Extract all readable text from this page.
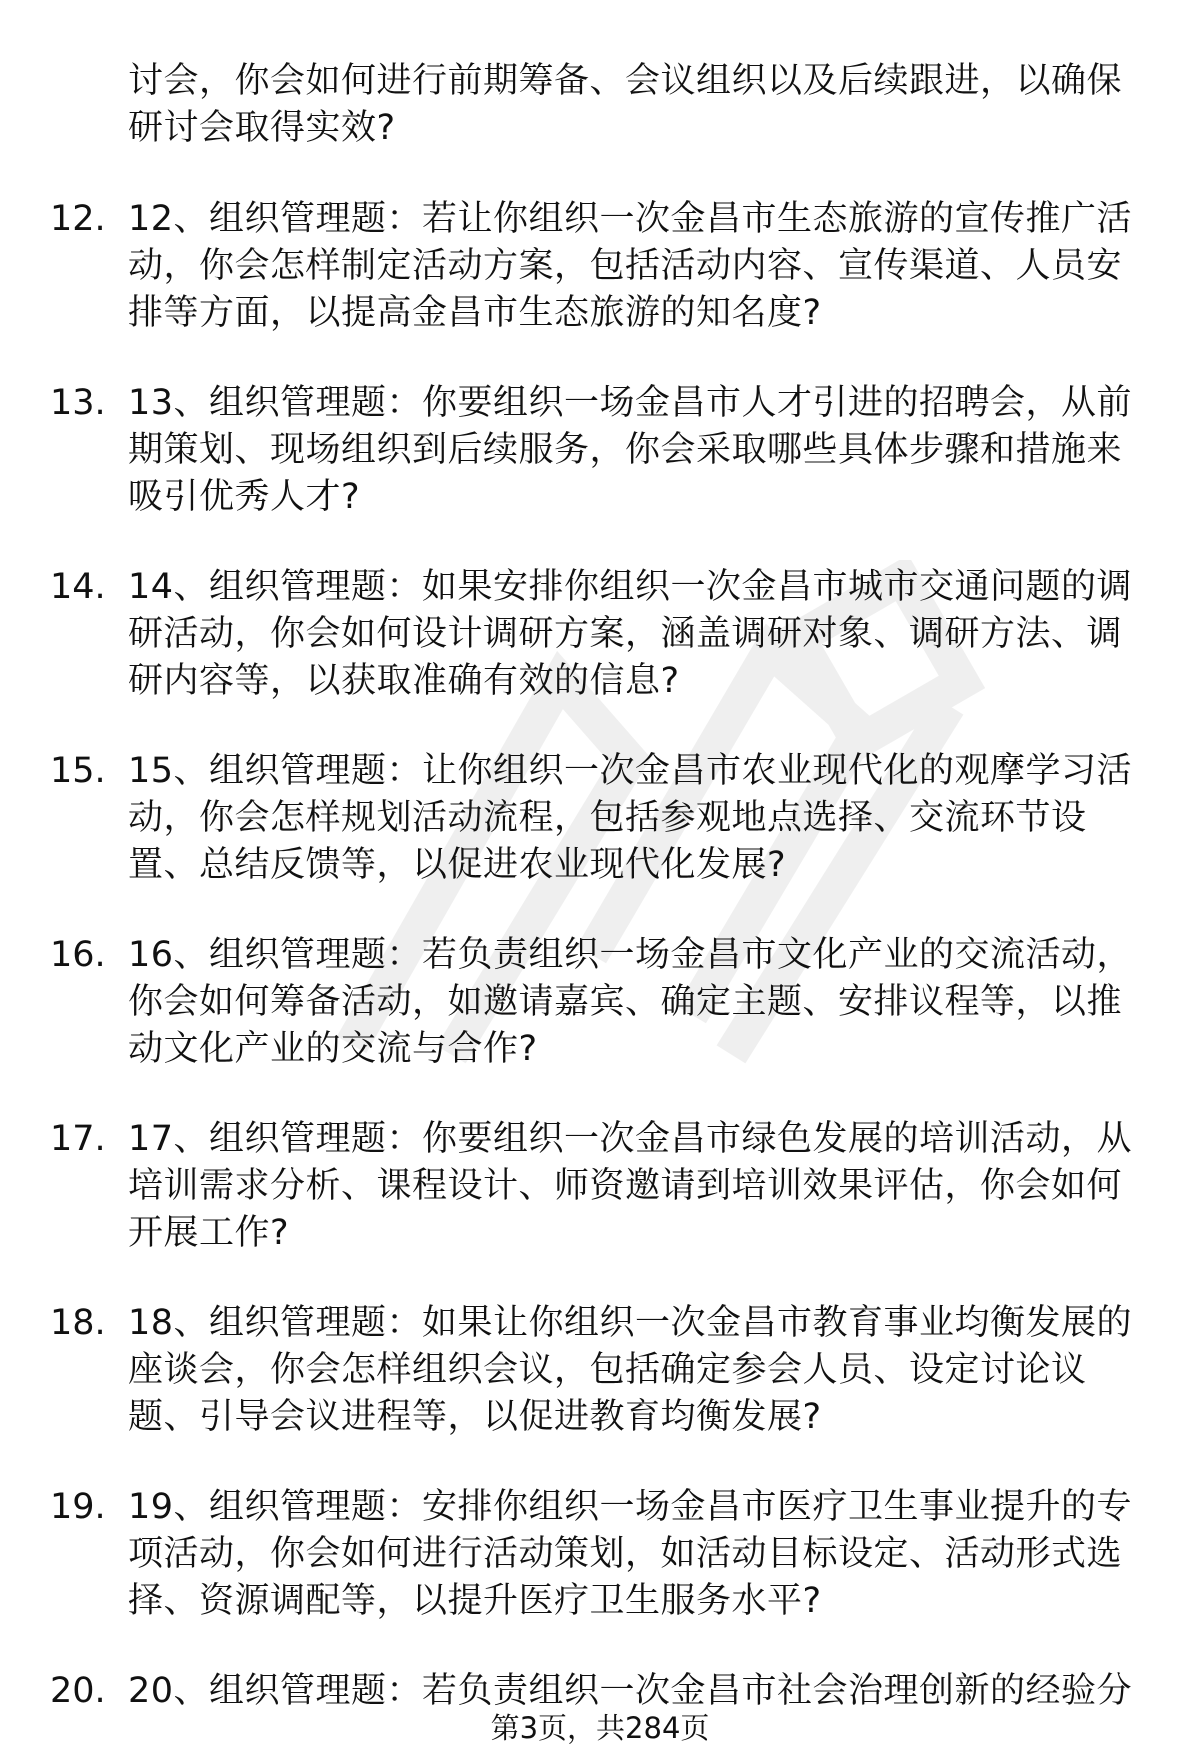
讨会，你会如何进行前期筹备、会议组织以及后续跟进，以确保研讨会取得实效?
12. 12、组织管理题：若让你组织一次金昌市生态旅游的宣传推广活动，你会怎样制定活动方案，包括活动内容、宣传渠道、人员安排等方面，以提高金昌市生态旅游的知名度?
13. 13、组织管理题：你要组织一场金昌市人才引进的招聘会，从前期策划、现场组织到后续服务，你会采取哪些具体步骤和措施来吸引优秀人才?
14. 14、组织管理题：如果安排你组织一次金昌市城市交通问题的调研活动，你会如何设计调研方案，涵盖调研对象、调研方法、调研内容等，以获取准确有效的信息?
15. 15、组织管理题：让你组织一次金昌市农业现代化的观摩学习活动，你会怎样规划活动流程，包括参观地点选择、交流环节设置、总结反馈等，以促进农业现代化发展?
16. 16、组织管理题：若负责组织一场金昌市文化产业的交流活动，你会如何筹备活动，如邀请嘉宾、确定主题、安排议程等，以推动文化产业的交流与合作?
17. 17、组织管理题：你要组织一次金昌市绿色发展的培训活动，从培训需求分析、课程设计、师资邀请到培训效果评估，你会如何开展工作?
18. 18、组织管理题：如果让你组织一次金昌市教育事业均衡发展的座谈会，你会怎样组织会议，包括确定参会人员、设定讨论议题、引导会议进程等，以促进教育均衡发展?
19. 19、组织管理题：安排你组织一场金昌市医疗卫生事业提升的专项活动，你会如何进行活动策划，如活动目标设定、活动形式选择、资源调配等，以提升医疗卫生服务水平?
20. 20、组织管理题：若负责组织一次金昌市社会治理创新的经验分
第3页，共284页
